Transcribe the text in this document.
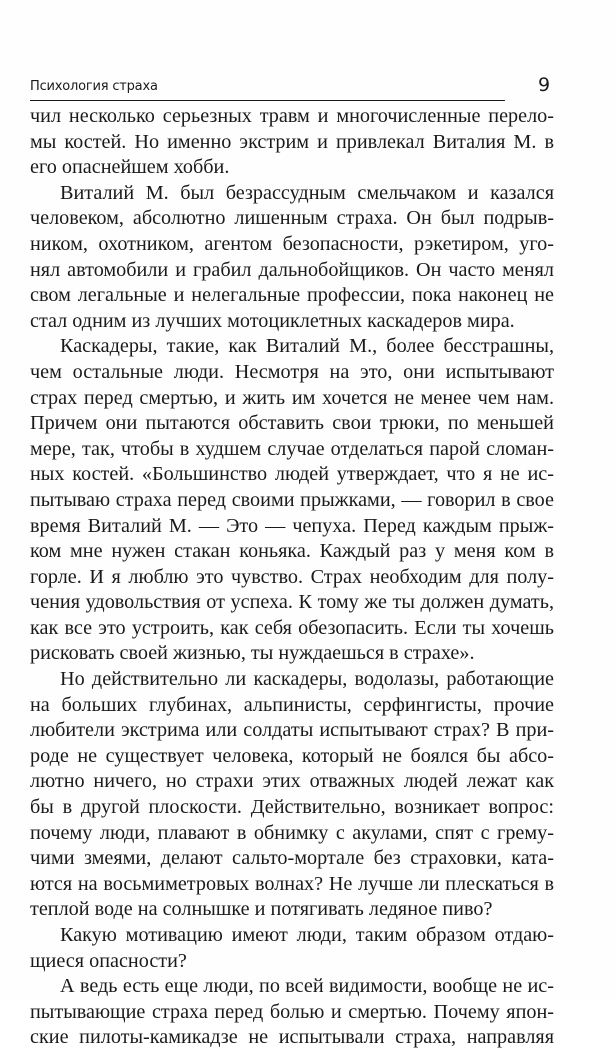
Психология страха	9
чил несколько серьезных травм и многочисленные перело-
мы костей. Но именно экстрим и привлекал Виталия М. в
его опаснейшем хобби.
Виталий М. был безрассудным смельчаком и казался
человеком, абсолютно лишенным страха. Он был подрыв-
ником, охотником, агентом безопасности, рэкетиром, уго-
нял автомобили и грабил дальнобойщиков. Он часто менял
свом легальные и нелегальные профессии, пока наконец не
стал одним из лучших мотоциклетных каскадеров мира.
Каскадеры, такие, как Виталий М., более бесстрашны,
чем остальные люди. Несмотря на это, они испытывают
страх перед смертью, и жить им хочется не менее чем нам.
Причем они пытаются обставить свои трюки, по меньшей
мере, так, чтобы в худшем случае отделаться парой сломан-
ных костей. «Большинство людей утверждает, что я не ис-
пытываю страха перед своими прыжками, — говорил в свое
время Виталий М. — Это — чепуха. Перед каждым прыж-
ком мне нужен стакан коньяка. Каждый раз у меня ком в
горле. И я люблю это чувство. Страх необходим для полу-
чения удовольствия от успеха. К тому же ты должен думать,
как все это устроить, как себя обезопасить. Если ты хочешь
рисковать своей жизнью, ты нуждаешься в страхе».
Но действительно ли каскадеры, водолазы, работающие
на больших глубинах, альпинисты, серфингисты, прочие
любители экстрима или солдаты испытывают страх? В при-
роде не существует человека, который не боялся бы абсо-
лютно ничего, но страхи этих отважных людей лежат как
бы в другой плоскости. Действительно, возникает вопрос:
почему люди, плавают в обнимку с акулами, спят с грему-
чими змеями, делают сальто-мортале без страховки, ката-
ются на восьмиметровых волнах? Не лучше ли плескаться в
теплой воде на солнышке и потягивать ледяное пиво?
Какую мотивацию имеют люди, таким образом отдаю-
щиеся опасности?
А ведь есть еще люди, по всей видимости, вообще не ис-
пытывающие страха перед болью и смертью. Почему япон-
ские пилоты-камикадзе не испытывали страха, направляя
